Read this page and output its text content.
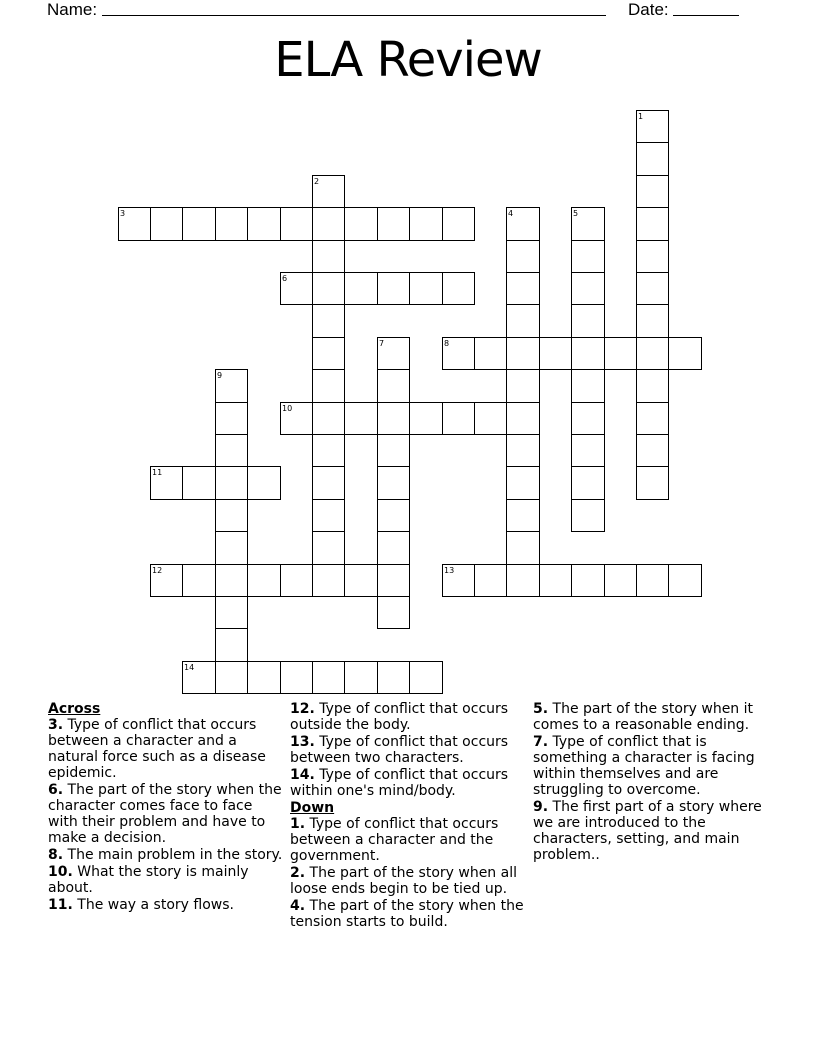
Name:	Date:
ELA Review
1
2
3	4	5
6
7	8
9
10
11
12	13
14

Across

3. Type of conflict that occurs between a character and a natural force such as a disease epidemic.

6. The part of the story when the character comes face to face with their problem and have to make a decision.

8. The main problem in the story.

10. What the story is mainly about.

11. The way a story flows.

12. Type of conflict that occurs outside the body.

13. Type of conflict that occurs between two characters.

14. Type of conflict that occurs within one's mind/body.

Down

1. Type of conflict that occurs between a character and the government.

2. The part of the story when all loose ends begin to be tied up.

4. The part of the story when the tension starts to build.

5. The part of the story when it comes to a reasonable ending.

7. Type of conflict that is something a character is facing within themselves and are struggling to overcome.

9. The first part of a story where we are introduced to the characters, setting, and main problem..
